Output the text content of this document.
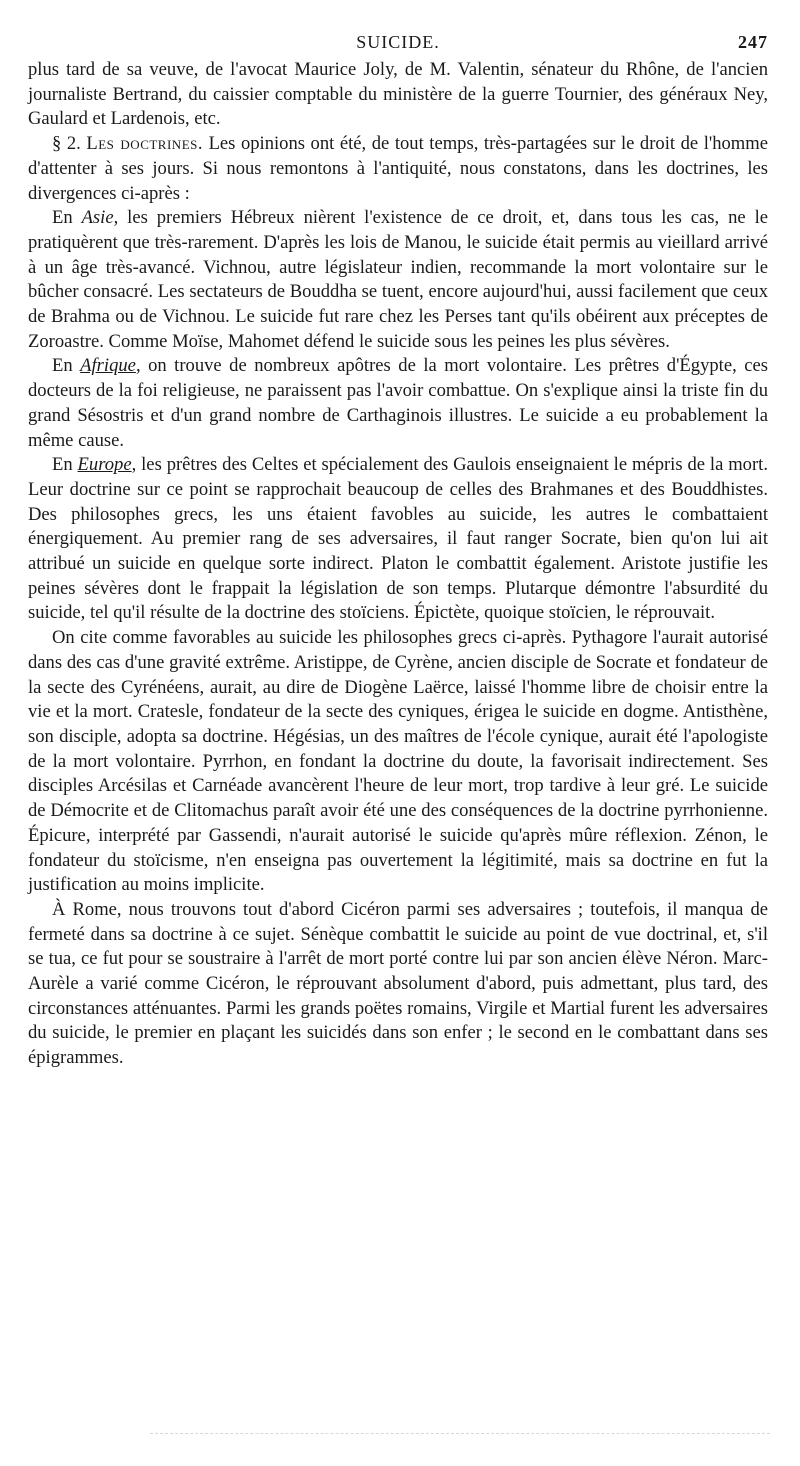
SUICIDE.	247

plus tard de sa veuve, de l'avocat Maurice Joly, de M. Valentin, sénateur du Rhône, de l'ancien journaliste Bertrand, du caissier comptable du ministère de la guerre Tournier, des généraux Ney, Gaulard et Lardenois, etc.

§ 2. Les doctrines. Les opinions ont été, de tout temps, très-partagées sur le droit de l'homme d'attenter à ses jours. Si nous remontons à l'antiquité, nous constatons, dans les doctrines, les divergences ci-après :

En Asie, les premiers Hébreux nièrent l'existence de ce droit, et, dans tous les cas, ne le pratiquèrent que très-rarement. D'après les lois de Manou, le suicide était permis au vieillard arrivé à un âge très-avancé. Vichnou, autre législateur indien, recommande la mort volontaire sur le bûcher consacré. Les sectateurs de Bouddha se tuent, encore aujourd'hui, aussi facilement que ceux de Brahma ou de Vichnou. Le suicide fut rare chez les Perses tant qu'ils obéirent aux préceptes de Zoroastre. Comme Moïse, Mahomet défend le suicide sous les peines les plus sévères.

En Afrique, on trouve de nombreux apôtres de la mort volontaire. Les prêtres d'Égypte, ces docteurs de la foi religieuse, ne paraissent pas l'avoir combattue. On s'explique ainsi la triste fin du grand Sésostris et d'un grand nombre de Carthaginois illustres. Le suicide a eu probablement la même cause.

En Europe, les prêtres des Celtes et spécialement des Gaulois enseignaient le mépris de la mort. Leur doctrine sur ce point se rapprochait beaucoup de celles des Brahmanes et des Bouddhistes. Des philosophes grecs, les uns étaient favobles au suicide, les autres le combattaient énergiquement. Au premier rang de ses adversaires, il faut ranger Socrate, bien qu'on lui ait attribué un suicide en quelque sorte indirect. Platon le combattit également. Aristote justifie les peines sévères dont le frappait la législation de son temps. Plutarque démontre l'absurdité du suicide, tel qu'il résulte de la doctrine des stoïciens. Épictète, quoique stoïcien, le réprouvait.

On cite comme favorables au suicide les philosophes grecs ci-après. Pythagore l'aurait autorisé dans des cas d'une gravité extrême. Aristippe, de Cyrène, ancien disciple de Socrate et fondateur de la secte des Cyrénéens, aurait, au dire de Diogène Laërce, laissé l'homme libre de choisir entre la vie et la mort. Cratesle, fondateur de la secte des cyniques, érigea le suicide en dogme. Antisthène, son disciple, adopta sa doctrine. Hégésias, un des maîtres de l'école cynique, aurait été l'apologiste de la mort volontaire. Pyrrhon, en fondant la doctrine du doute, la favorisait indirectement. Ses disciples Arcésilas et Carnéade avancèrent l'heure de leur mort, trop tardive à leur gré. Le suicide de Démocrite et de Clitomachus paraît avoir été une des conséquences de la doctrine pyrrhonienne. Épicure, interprété par Gassendi, n'aurait autorisé le suicide qu'après mûre réflexion. Zénon, le fondateur du stoïcisme, n'en enseigna pas ouvertement la légitimité, mais sa doctrine en fut la justification au moins implicite.

À Rome, nous trouvons tout d'abord Cicéron parmi ses adversaires ; toutefois, il manqua de fermeté dans sa doctrine à ce sujet. Sénèque combattit le suicide au point de vue doctrinal, et, s'il se tua, ce fut pour se soustraire à l'arrêt de mort porté contre lui par son ancien élève Néron. Marc-Aurèle a varié comme Cicéron, le réprouvant absolument d'abord, puis admettant, plus tard, des circonstances atténuantes. Parmi les grands poëtes romains, Virgile et Martial furent les adversaires du suicide, le premier en plaçant les suicidés dans son enfer ; le second en le combattant dans ses épigrammes.
